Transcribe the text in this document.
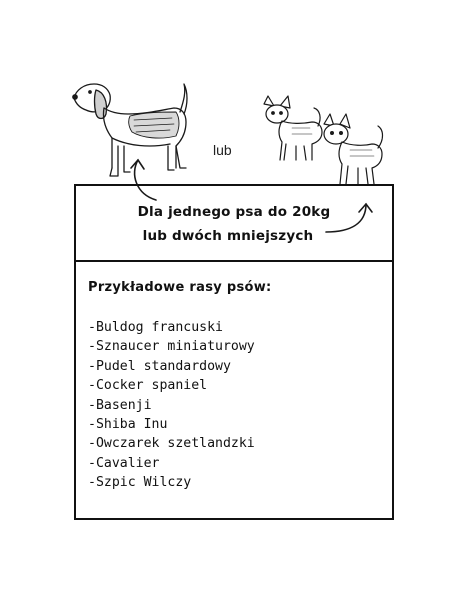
lub
Dla jednego psa do 20kg
lub dwóch mniejszych
Przykładowe rasy psów:
-Buldog francuski
-Sznaucer miniaturowy
-Pudel standardowy
-Cocker spaniel
-Basenji
-Shiba Inu
-Owczarek szetlandzki
-Cavalier
-Szpic Wilczy
